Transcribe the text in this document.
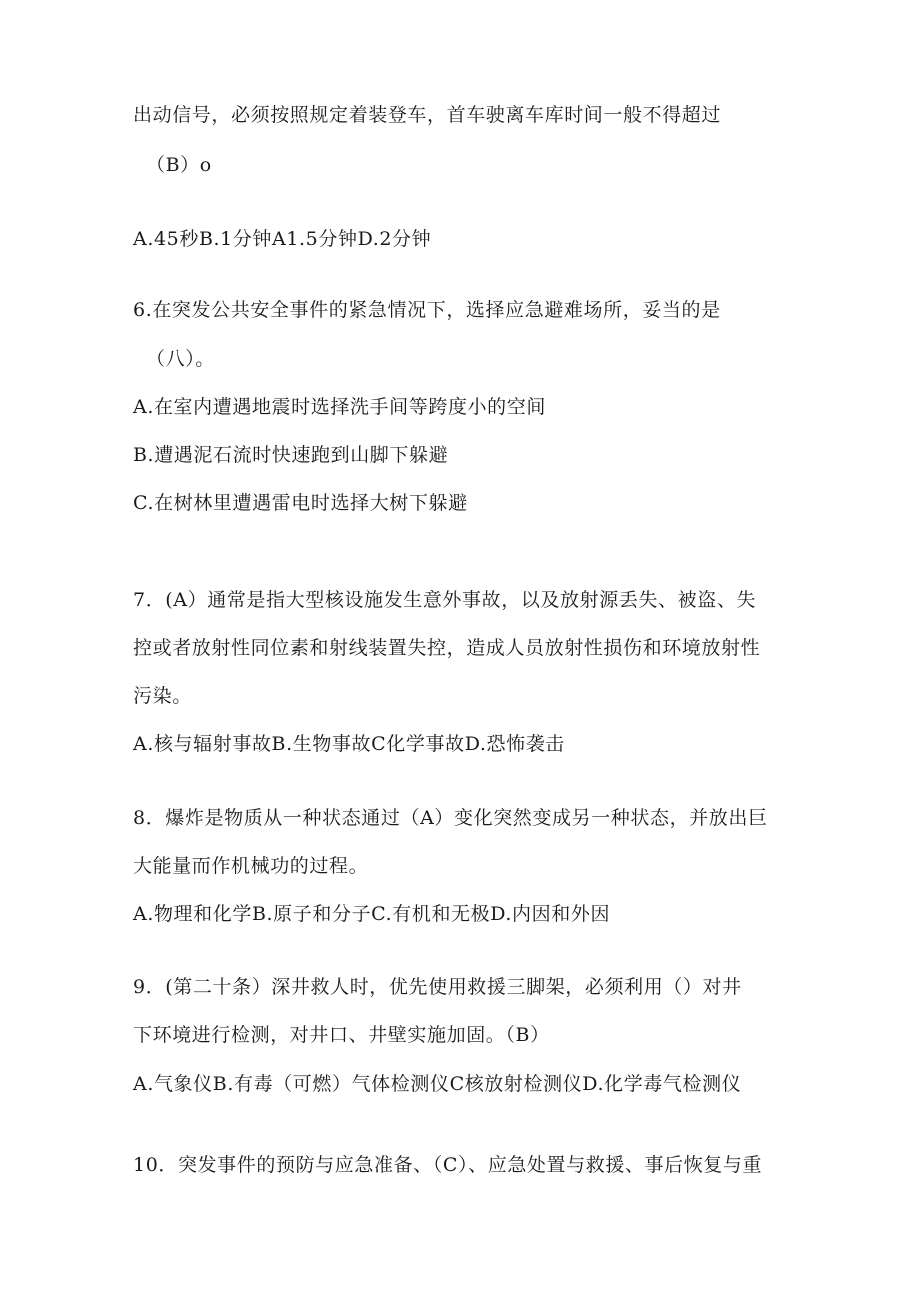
出动信号，必须按照规定着装登车，首车驶离车库时间一般不得超过
（B）o
A.45秒B.1分钟A1.5分钟D.2分钟
6.在突发公共安全事件的紧急情况下，选择应急避难场所，妥当的是
（八）。
A.在室内遭遇地震时选择洗手间等跨度小的空间
B.遭遇泥石流时快速跑到山脚下躲避
C.在树林里遭遇雷电时选择大树下躲避
7．(A）通常是指大型核设施发生意外事故，以及放射源丢失、被盗、失
控或者放射性同位素和射线装置失控，造成人员放射性损伤和环境放射性
污染。
A.核与辐射事故B.生物事故C化学事故D.恐怖袭击
8．爆炸是物质从一种状态通过（A）变化突然变成另一种状态，并放出巨
大能量而作机械功的过程。
A.物理和化学B.原子和分子C.有机和无极D.内因和外因
9．(第二十条）深井救人时，优先使用救援三脚架，必须利用（）对井
下环境进行检测，对井口、井壁实施加固。（B）
A.气象仪B.有毒（可燃）气体检测仪C核放射检测仪D.化学毒气检测仪
10．突发事件的预防与应急准备、（C）、应急处置与救援、事后恢复与重
